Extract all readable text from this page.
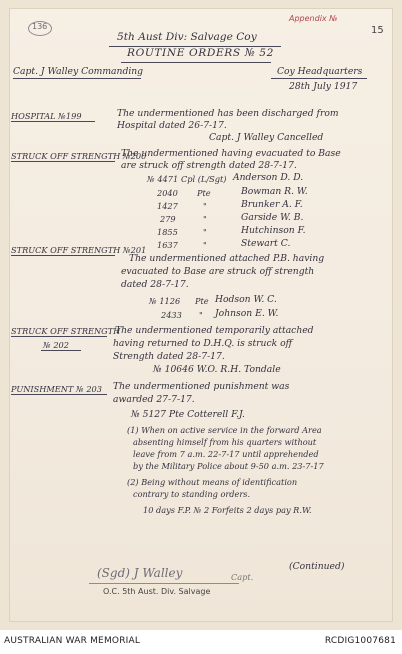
136
Appendix №
15
5th Aust Div: Salvage Coy
ROUTINE ORDERS № 52
Capt. J Walley Commanding	Coy Headquarters
28th July 1917
HOSPITAL №199	The undermentioned has been discharged from
Hospital dated 26-7-17.
Capt. J Walley Cancelled
STRUCK OFF STRENGTH №200
The undermentioned having evacuated to Base
are struck off strength dated 28-7-17.
№ 4471 Cpl (L/Sgt) Anderson D. D.
2040 Pte	Bowman R. W.
1427	"	Brunker A. F.
279	"	Garside W. B.
1855	"	Hutchinson F.
1637	"	Stewart C.
STRUCK OFF STRENGTH №201
The undermentioned attached P.B. having
evacuated to Base are struck off strength
dated 28-7-17.
№ 1126 Pte Hodson W. C.
2433 " Johnson E. W.
STRUCK OFF STRENGTH
№ 202
The undermentioned temporarily attached
having returned to D.H.Q. is struck off
Strength dated 28-7-17.
№ 10646 W.O. R.H. Tondale
PUNISHMENT № 203 The undermentioned punishment was
awarded 27-7-17.
№ 5127 Pte Cotterell F.J.
(1) When on active service in the forward Area
absenting himself from his quarters without
leave from 7 a.m. 22-7-17 until apprehended
by the Military Police about 9-50 a.m. 23-7-17
(2) Being without means of identification
contrary to standing orders.
10 days F.P. № 2 Forfeits 2 days pay R.W.
(Sgd) J Walley	Capt.
O.C. 5th Aust. Div. Salvage
(Continued)
AUSTRALIAN WAR MEMORIAL	RCDIG1007681
